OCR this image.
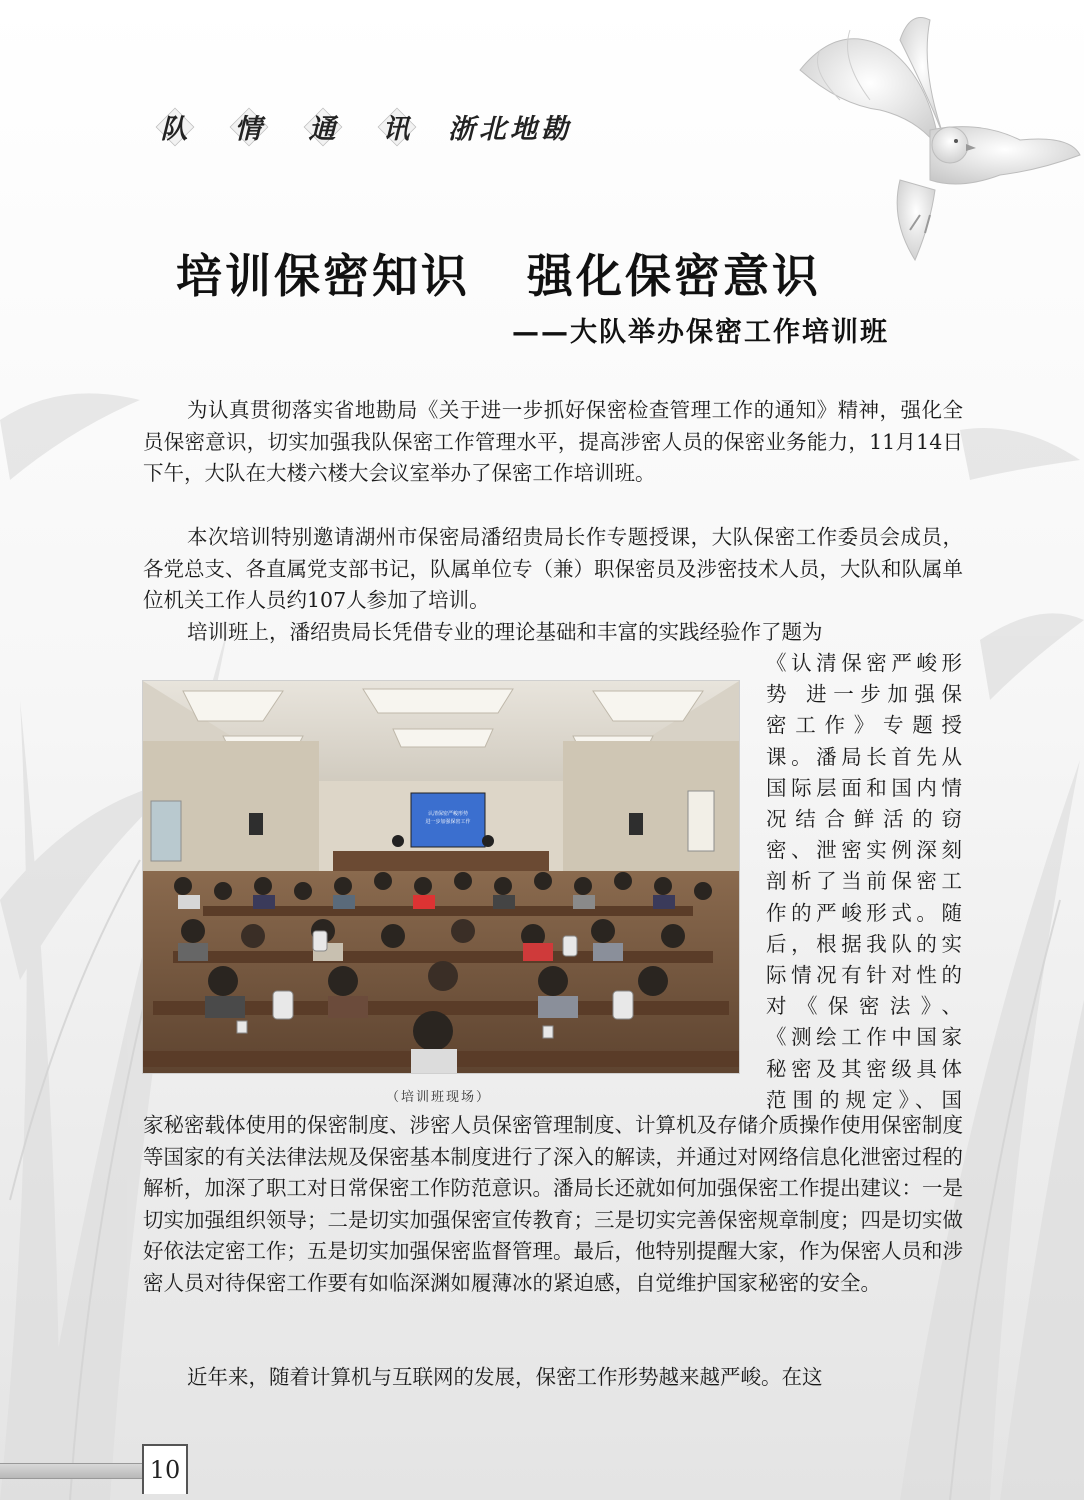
队 情 通 讯 浙北地勘
培训保密知识   强化保密意识
——大队举办保密工作培训班

为认真贯彻落实省地勘局《关于进一步抓好保密检查管理工作的通知》精神，强化全员保密意识，切实加强我队保密工作管理水平，提高涉密人员的保密业务能力，11月14日下午，大队在大楼六楼大会议室举办了保密工作培训班。

本次培训特别邀请湖州市保密局潘绍贵局长作专题授课，大队保密工作委员会成员，各党总支、各直属党支部书记，队属单位专（兼）职保密员及涉密技术人员，大队和队属单位机关工作人员约107人参加了培训。

培训班上，潘绍贵局长凭借专业的理论基础和丰富的实践经验作了题为

《认清保密严峻形
势 进一步加强保
密工作》专题授
课。潘局长首先从
国际层面和国内情
况结合鲜活的窃
密、泄密实例深刻
剖析了当前保密工
作的严峻形式。随
后，根据我队的实
际情况有针对性的
对《保密法》、
《测绘工作中国家
秘密及其密级具体
范围的规定》、国
认清保密严峻形势
进一步加强保密工作
（培训班现场）

家秘密载体使用的保密制度、涉密人员保密管理制度、计算机及存储介质操作使用保密制度等国家的有关法律法规及保密基本制度进行了深入的解读，并通过对网络信息化泄密过程的解析，加深了职工对日常保密工作防范意识。潘局长还就如何加强保密工作提出建议：一是切实加强组织领导；二是切实加强保密宣传教育；三是切实完善保密规章制度；四是切实做好依法定密工作；五是切实加强保密监督管理。最后，他特别提醒大家，作为保密人员和涉密人员对待保密工作要有如临深渊如履薄冰的紧迫感，自觉维护国家秘密的安全。

近年来，随着计算机与互联网的发展，保密工作形势越来越严峻。在这

10
